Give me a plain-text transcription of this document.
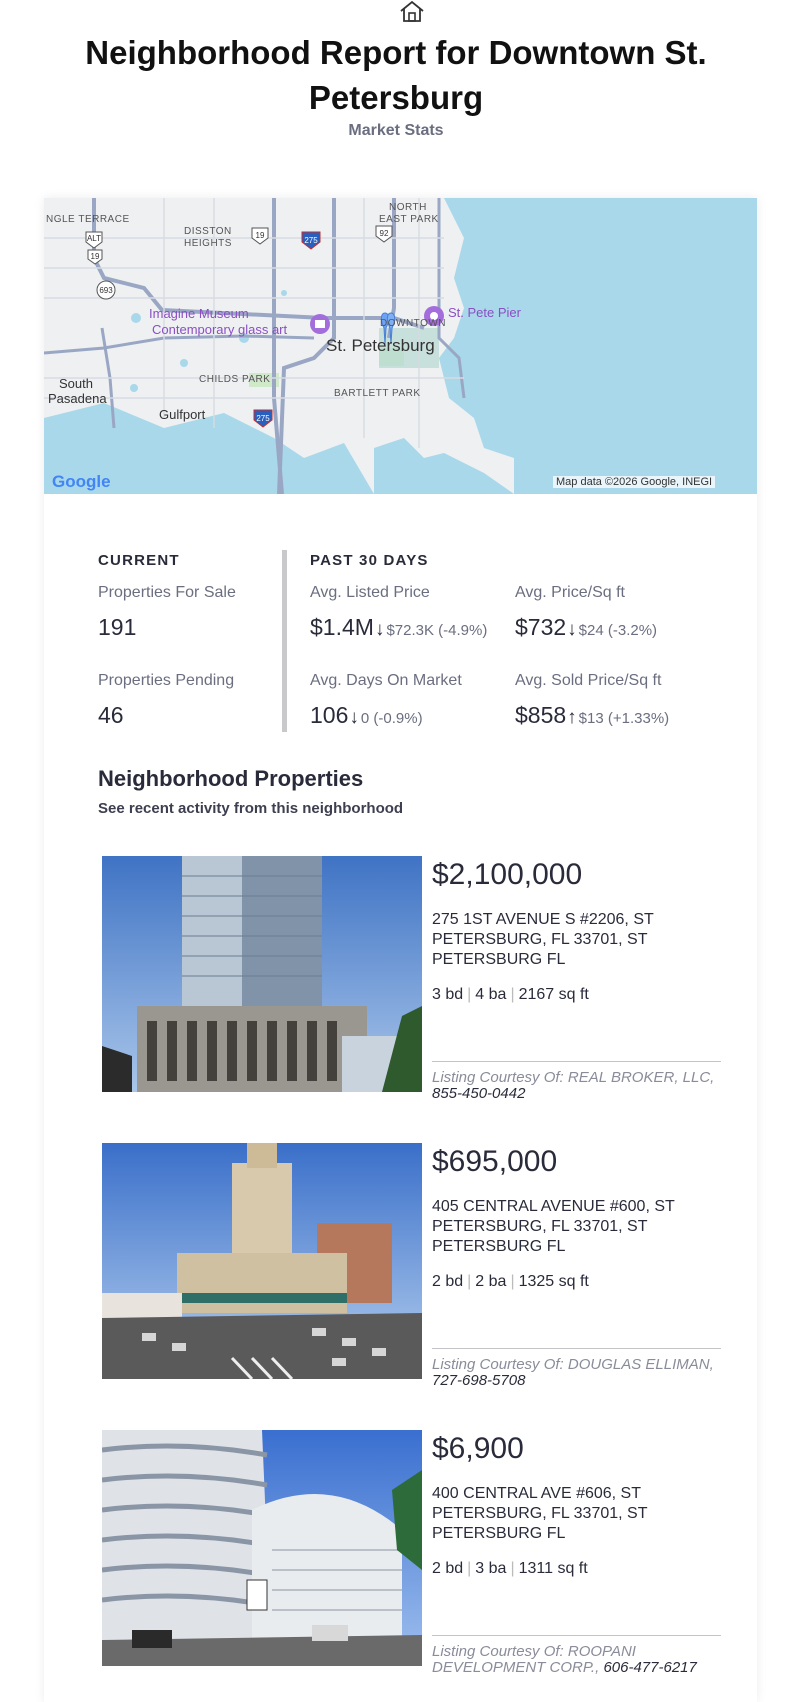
Neighborhood Report for Downtown St. Petersburg
Market Stats
ALT
19
693
19
275
92
275
NGLE TERRACE
DISSTON
HEIGHTS
NORTH
EAST PARK
Imagine Museum
Contemporary glass art
St. Pete Pier
DOWNTOWN
St. Petersburg
CHILDS PARK
South
Pasadena	BARTLETT PARK
Gulfport
Google	Map data ©2026 Google, INEGI
CURRENT
Properties For Sale
191
Properties Pending
46
PAST 30 DAYS
Avg. Listed Price
$1.4M↓ $72.3K (-4.9%)
Avg. Price/Sq ft
$732↓ $24 (-3.2%)
Avg. Days On Market
106↓ 0 (-0.9%)
Avg. Sold Price/Sq ft
$858↑ $13 (+1.33%)
Neighborhood Properties
See recent activity from this neighborhood
$2,100,000
275 1ST AVENUE S #2206, ST PETERSBURG, FL 33701, ST PETERSBURG FL
3 bd | 4 ba | 2167 sq ft
Listing Courtesy Of: REAL BROKER, LLC, 855-450-0442
$695,000
405 CENTRAL AVENUE #600, ST PETERSBURG, FL 33701, ST PETERSBURG FL
2 bd | 2 ba | 1325 sq ft
Listing Courtesy Of: DOUGLAS ELLIMAN, 727-698-5708
$6,900
400 CENTRAL AVE #606, ST PETERSBURG, FL 33701, ST PETERSBURG FL
2 bd | 3 ba | 1311 sq ft
Listing Courtesy Of: ROOPANI DEVELOPMENT CORP., 606-477-6217
